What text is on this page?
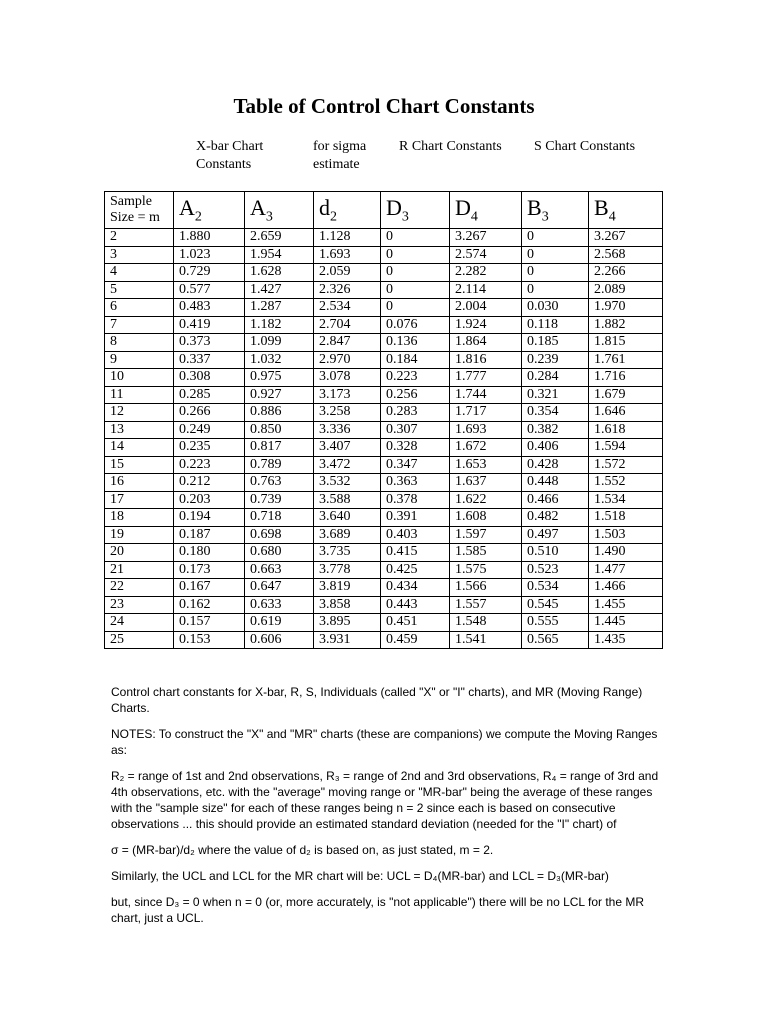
Table of Control Chart Constants
X-bar Chart
Constants
for sigma
estimate
R Chart Constants	S Chart Constants
Sample
Size = m	$A_2$	$A_3$	$d_2$	$D_3$	$D_4$	$B_3$	$B_4$
2	1.880	2.659	1.128	0	3.267	0	3.267
3	1.023	1.954	1.693	0	2.574	0	2.568
4	0.729	1.628	2.059	0	2.282	0	2.266
5	0.577	1.427	2.326	0	2.114	0	2.089
6	0.483	1.287	2.534	0	2.004	0.030	1.970
7	0.419	1.182	2.704	0.076	1.924	0.118	1.882
8	0.373	1.099	2.847	0.136	1.864	0.185	1.815
9	0.337	1.032	2.970	0.184	1.816	0.239	1.761
10	0.308	0.975	3.078	0.223	1.777	0.284	1.716
11	0.285	0.927	3.173	0.256	1.744	0.321	1.679
12	0.266	0.886	3.258	0.283	1.717	0.354	1.646
13	0.249	0.850	3.336	0.307	1.693	0.382	1.618
14	0.235	0.817	3.407	0.328	1.672	0.406	1.594
15	0.223	0.789	3.472	0.347	1.653	0.428	1.572
16	0.212	0.763	3.532	0.363	1.637	0.448	1.552
17	0.203	0.739	3.588	0.378	1.622	0.466	1.534
18	0.194	0.718	3.640	0.391	1.608	0.482	1.518
19	0.187	0.698	3.689	0.403	1.597	0.497	1.503
20	0.180	0.680	3.735	0.415	1.585	0.510	1.490
21	0.173	0.663	3.778	0.425	1.575	0.523	1.477
22	0.167	0.647	3.819	0.434	1.566	0.534	1.466
23	0.162	0.633	3.858	0.443	1.557	0.545	1.455
24	0.157	0.619	3.895	0.451	1.548	0.555	1.445
25	0.153	0.606	3.931	0.459	1.541	0.565	1.435

Control chart constants for X-bar, R, S, Individuals (called "X" or "I" charts), and MR (Moving Range) Charts.

NOTES: To construct the "X" and "MR" charts (these are companions) we compute the Moving Ranges as:

R₂ = range of 1st and 2nd observations, R₃ = range of 2nd and 3rd observations, R₄ = range of 3rd and 4th observations, etc. with the "average" moving range or "MR-bar" being the average of these ranges with the "sample size" for each of these ranges being n = 2 since each is based on consecutive observations ... this should provide an estimated standard deviation (needed for the "I" chart) of

σ = (MR-bar)/d₂ where the value of d₂ is based on, as just stated, m = 2.

Similarly, the UCL and LCL for the MR chart will be: UCL = D₄(MR-bar) and LCL = D₃(MR-bar)

but, since D₃ = 0 when n = 0 (or, more accurately, is "not applicable") there will be no LCL for the MR chart, just a UCL.
